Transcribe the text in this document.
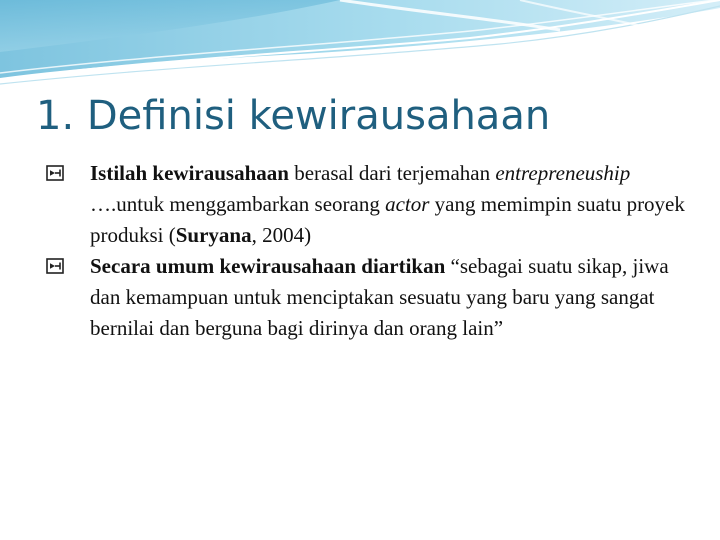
1. Definisi kewirausahaan
Istilah kewirausahaan berasal dari terjemahan entrepreneuship ….untuk menggambarkan seorang actor yang memimpin suatu proyek produksi (Suryana, 2004)
Secara umum kewirausahaan diartikan “sebagai suatu sikap, jiwa dan kemampuan untuk menciptakan sesuatu yang baru yang sangat bernilai dan berguna bagi dirinya dan orang lain”
